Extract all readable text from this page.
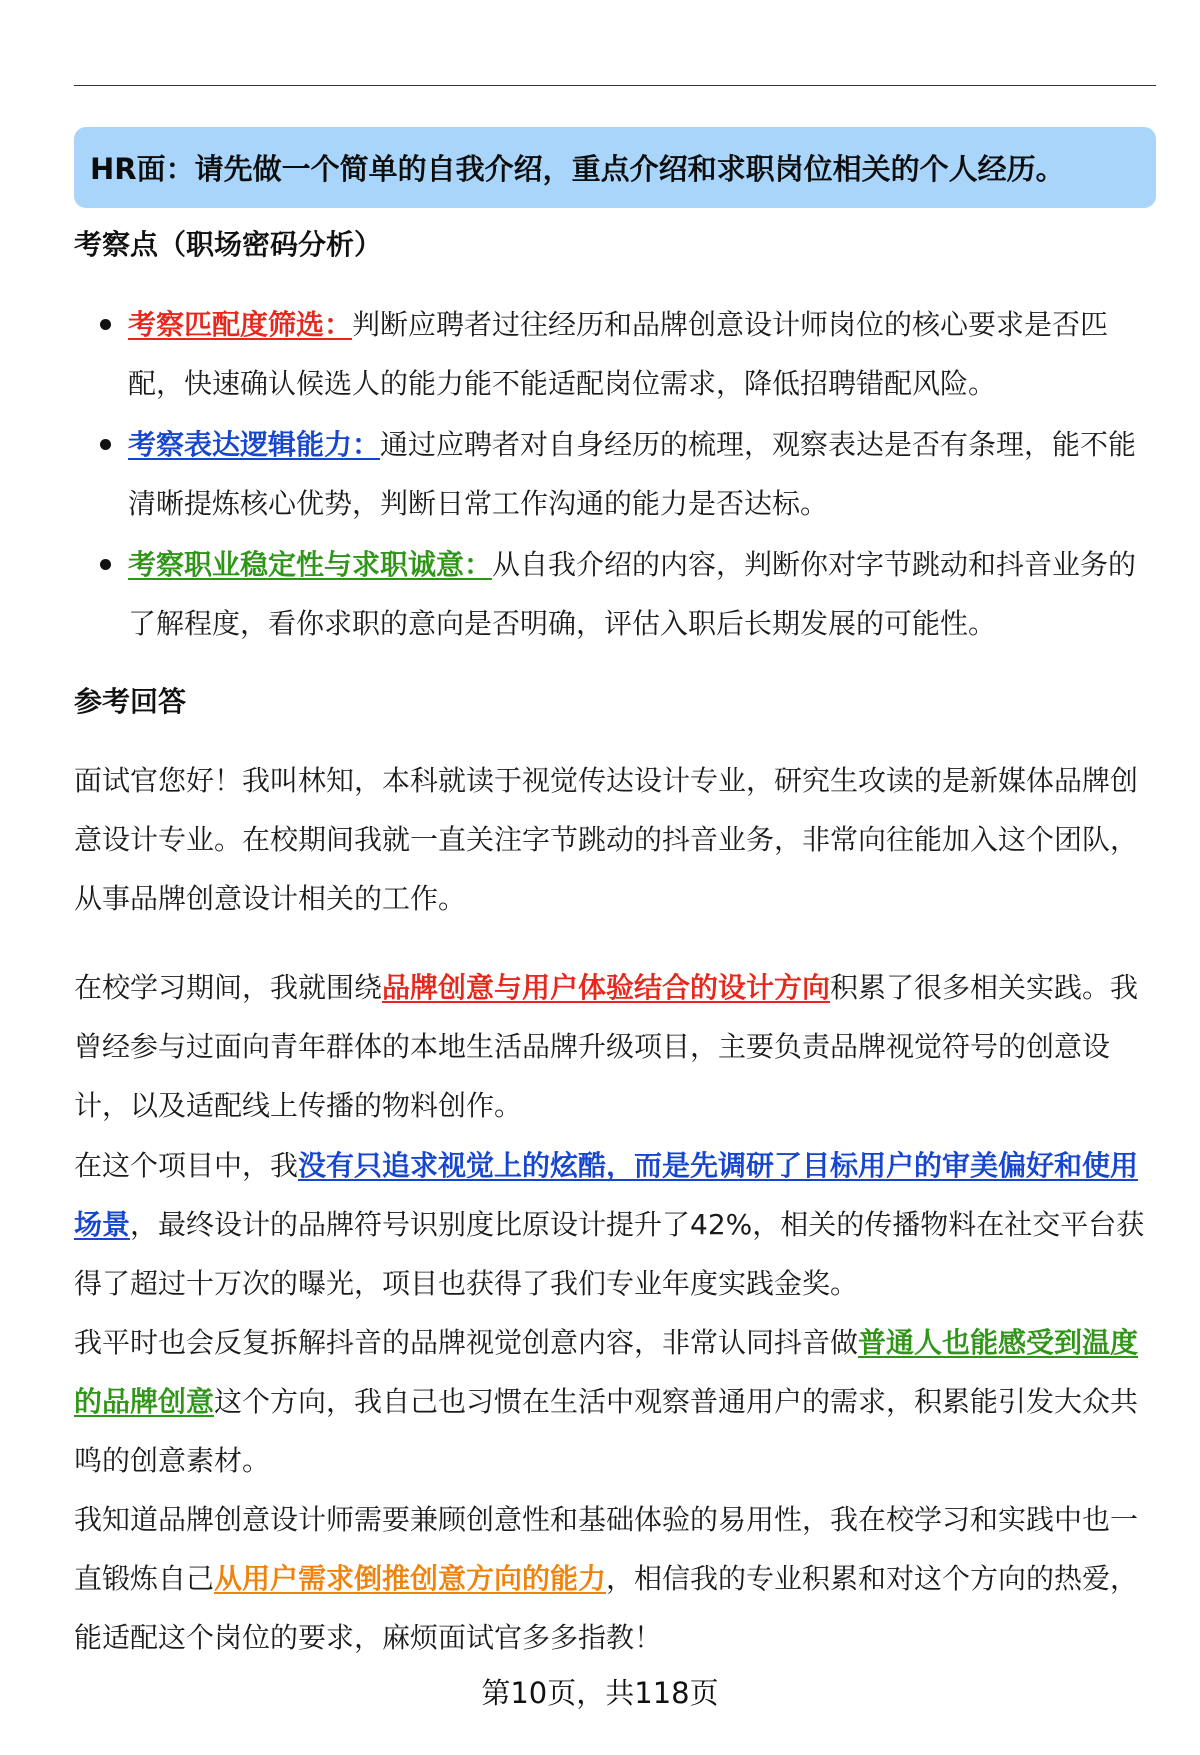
HR面：请先做一个简单的自我介绍，重点介绍和求职岗位相关的个人经历。
考察点（职场密码分析）
考察匹配度筛选：判断应聘者过往经历和品牌创意设计师岗位的核心要求是否匹配，快速确认候选人的能力能不能适配岗位需求，降低招聘错配风险。
考察表达逻辑能力：通过应聘者对自身经历的梳理，观察表达是否有条理，能不能清晰提炼核心优势，判断日常工作沟通的能力是否达标。
考察职业稳定性与求职诚意：从自我介绍的内容，判断你对字节跳动和抖音业务的了解程度，看你求职的意向是否明确，评估入职后长期发展的可能性。
参考回答

面试官您好！我叫林知，本科就读于视觉传达设计专业，研究生攻读的是新媒体品牌创意设计专业。在校期间我就一直关注字节跳动的抖音业务，非常向往能加入这个团队，从事品牌创意设计相关的工作。

在校学习期间，我就围绕品牌创意与用户体验结合的设计方向积累了很多相关实践。我曾经参与过面向青年群体的本地生活品牌升级项目，主要负责品牌视觉符号的创意设计，以及适配线上传播的物料创作。

在这个项目中，我没有只追求视觉上的炫酷，而是先调研了目标用户的审美偏好和使用场景，最终设计的品牌符号识别度比原设计提升了42%，相关的传播物料在社交平台获得了超过十万次的曝光，项目也获得了我们专业年度实践金奖。

我平时也会反复拆解抖音的品牌视觉创意内容，非常认同抖音做普通人也能感受到温度的品牌创意这个方向，我自己也习惯在生活中观察普通用户的需求，积累能引发大众共鸣的创意素材。

我知道品牌创意设计师需要兼顾创意性和基础体验的易用性，我在校学习和实践中也一直锻炼自己从用户需求倒推创意方向的能力，相信我的专业积累和对这个方向的热爱，能适配这个岗位的要求，麻烦面试官多多指教！

第10页，共118页
